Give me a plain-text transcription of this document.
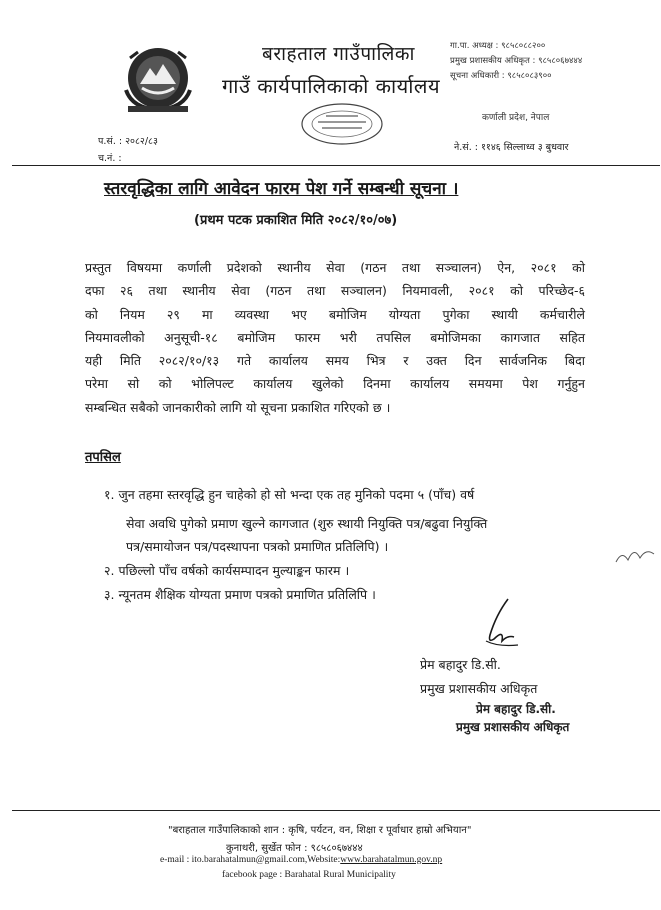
बराहताल गाउँपालिका
गाउँ कार्यपालिकाको कार्यालय
गा.पा. अध्यक्ष : ९८५८०८८२००
प्रमुख प्रशासकीय अधिकृत : ९८५८०६७४४४
सूचना अधिकारी : ९८५८०८३९००
कर्णाली प्रदेश, नेपाल
प.सं. : २०८२/८३
च.नं. :
ने.सं. : ११४६ सिल्लाध्व ३ बुधवार
स्तरवृद्धिका लागि आवेदन फारम पेश गर्ने सम्बन्धी सूचना ।
(प्रथम पटक प्रकाशित मिति २०८२/१०/०७)
प्रस्तुत विषयमा कर्णाली प्रदेशको स्थानीय सेवा (गठन तथा सञ्चालन) ऐन, २०८१ को
दफा २६ तथा स्थानीय सेवा (गठन तथा सञ्चालन) नियमावली, २०८१ को परिच्छेद-६
को नियम २९ मा व्यवस्था भए बमोजिम योग्यता पुगेका स्थायी कर्मचारीले
नियमावलीको अनुसूची-१८ बमोजिम फारम भरी तपसिल बमोजिमका कागजात सहित
यही मिति २०८२/१०/१३ गते कार्यालय समय भित्र र उक्त दिन सार्वजनिक बिदा
परेमा सो को भोलिपल्ट कार्यालय खुलेको दिनमा कार्यालय समयमा पेश गर्नुहुन
सम्बन्धित सबैको जानकारीको लागि यो सूचना प्रकाशित गरिएको छ ।
तपसिल
१. जुन तहमा स्तरवृद्धि हुन चाहेको हो सो भन्दा एक तह मुनिको पदमा ५ (पाँच) वर्ष
सेवा अवधि पुगेको प्रमाण खुल्ने कागजात (शुरु स्थायी नियुक्ति पत्र/बढुवा नियुक्ति
पत्र/समायोजन पत्र/पदस्थापना पत्रको प्रमाणित प्रतिलिपि) ।
२. पछिल्लो पाँच वर्षको कार्यसम्पादन मुल्याङ्कन फारम ।
३. न्यूनतम शैक्षिक योग्यता प्रमाण पत्रको प्रमाणित प्रतिलिपि ।
प्रेम बहादुर डि.सी.
प्रमुख प्रशासकीय अधिकृत
प्रेम बहादुर डि.सी.
प्रमुख प्रशासकीय अधिकृत
"बराहताल गाउँपालिकाको शान : कृषि, पर्यटन, वन, शिक्षा र पूर्वाधार हाम्रो अभियान"
कुनाथरी, सुर्खेत फोन : ९८५८०६७४४४
e-mail : ito.barahatalmun@gmail.com,Website:www.barahatalmun.gov.np
facebook page : Barahatal Rural Municipality
